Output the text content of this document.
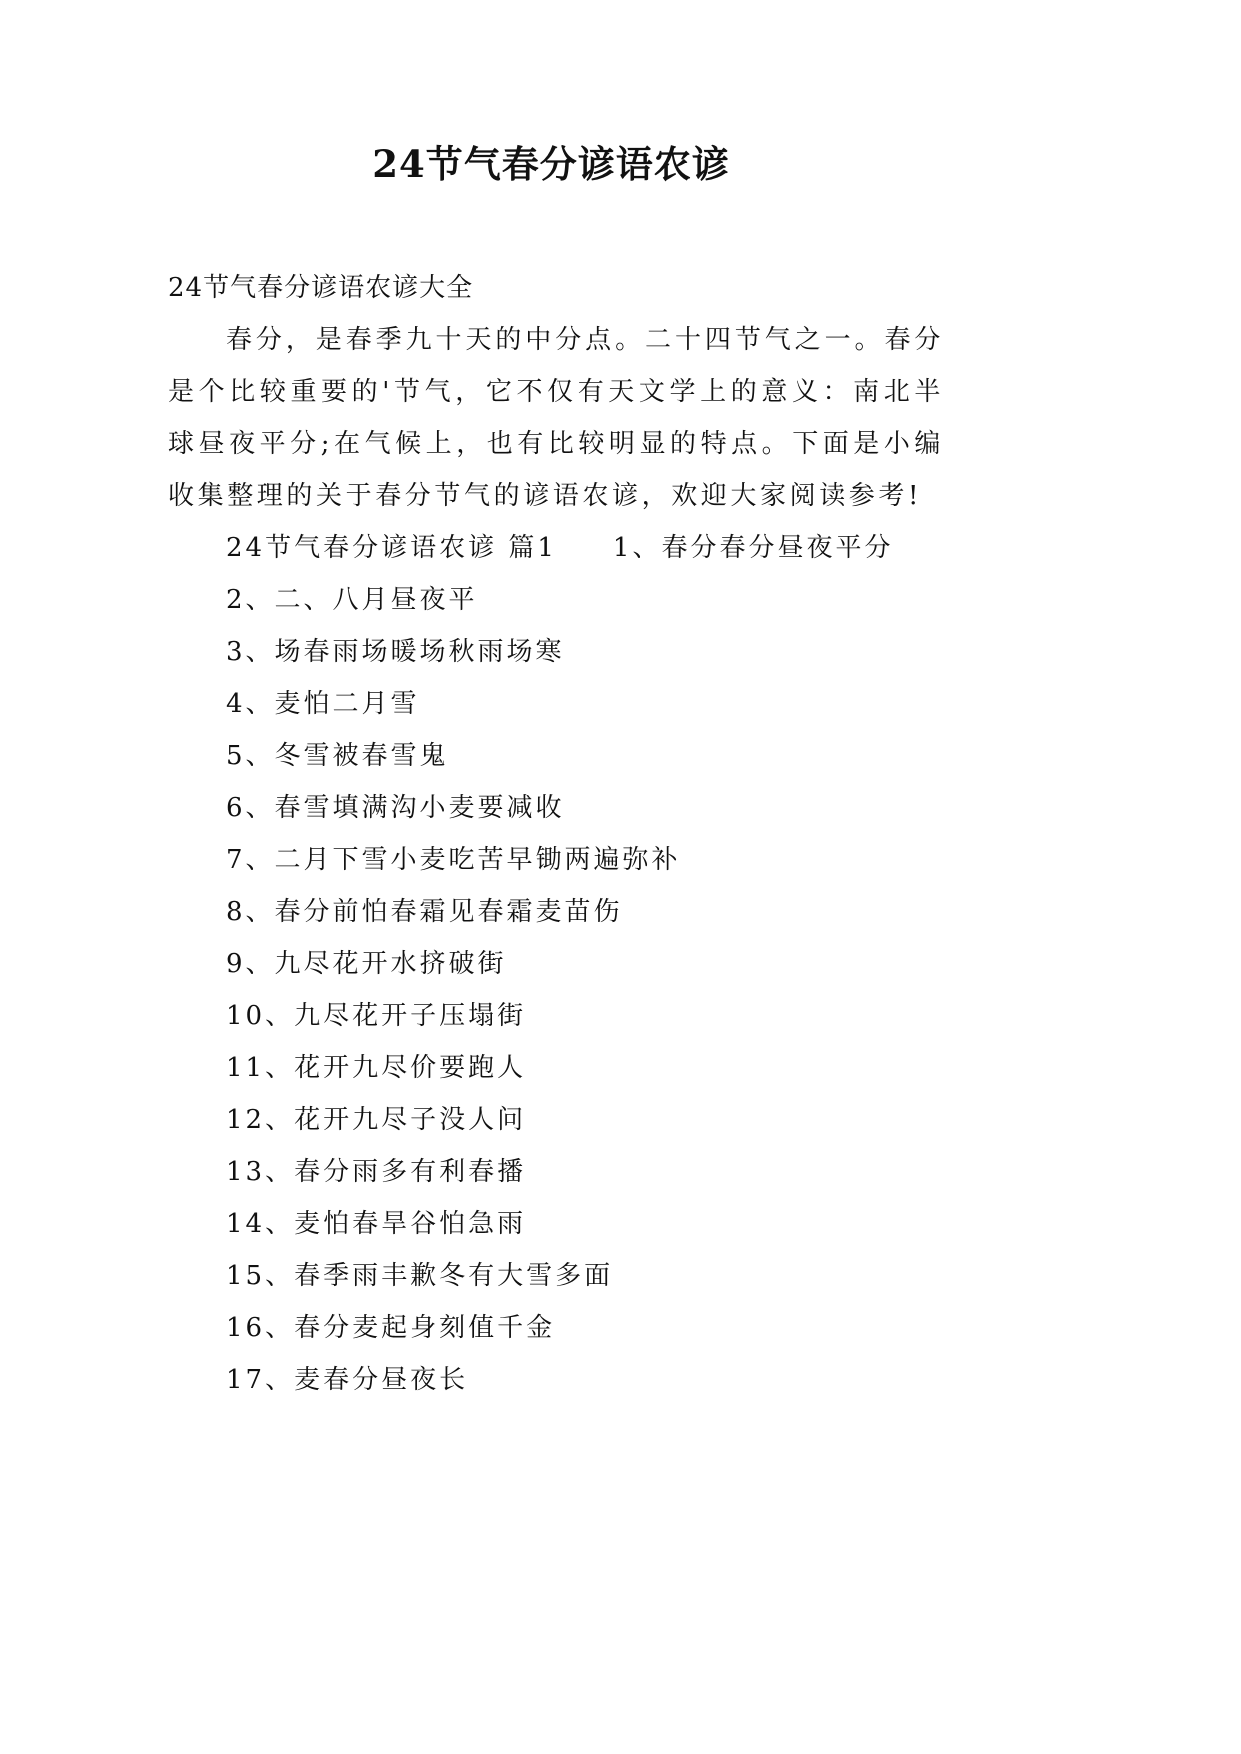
24节气春分谚语农谚

24节气春分谚语农谚大全

春分，是春季九十天的中分点。二十四节气之一。春分是个比较重要的'节气，它不仅有天文学上的意义：南北半球昼夜平分;在气候上，也有比较明显的特点。下面是小编收集整理的关于春分节气的谚语农谚，欢迎大家阅读参考!

24节气春分谚语农谚 篇1 1、春分春分昼夜平分

2、二、八月昼夜平

3、场春雨场暖场秋雨场寒

4、麦怕二月雪

5、冬雪被春雪鬼

6、春雪填满沟小麦要减收

7、二月下雪小麦吃苦早锄两遍弥补

8、春分前怕春霜见春霜麦苗伤

9、九尽花开水挤破街

10、九尽花开子压塌街

11、花开九尽价要跑人

12、花开九尽子没人问

13、春分雨多有利春播

14、麦怕春旱谷怕急雨

15、春季雨丰歉冬有大雪多面

16、春分麦起身刻值千金

17、麦春分昼夜长
